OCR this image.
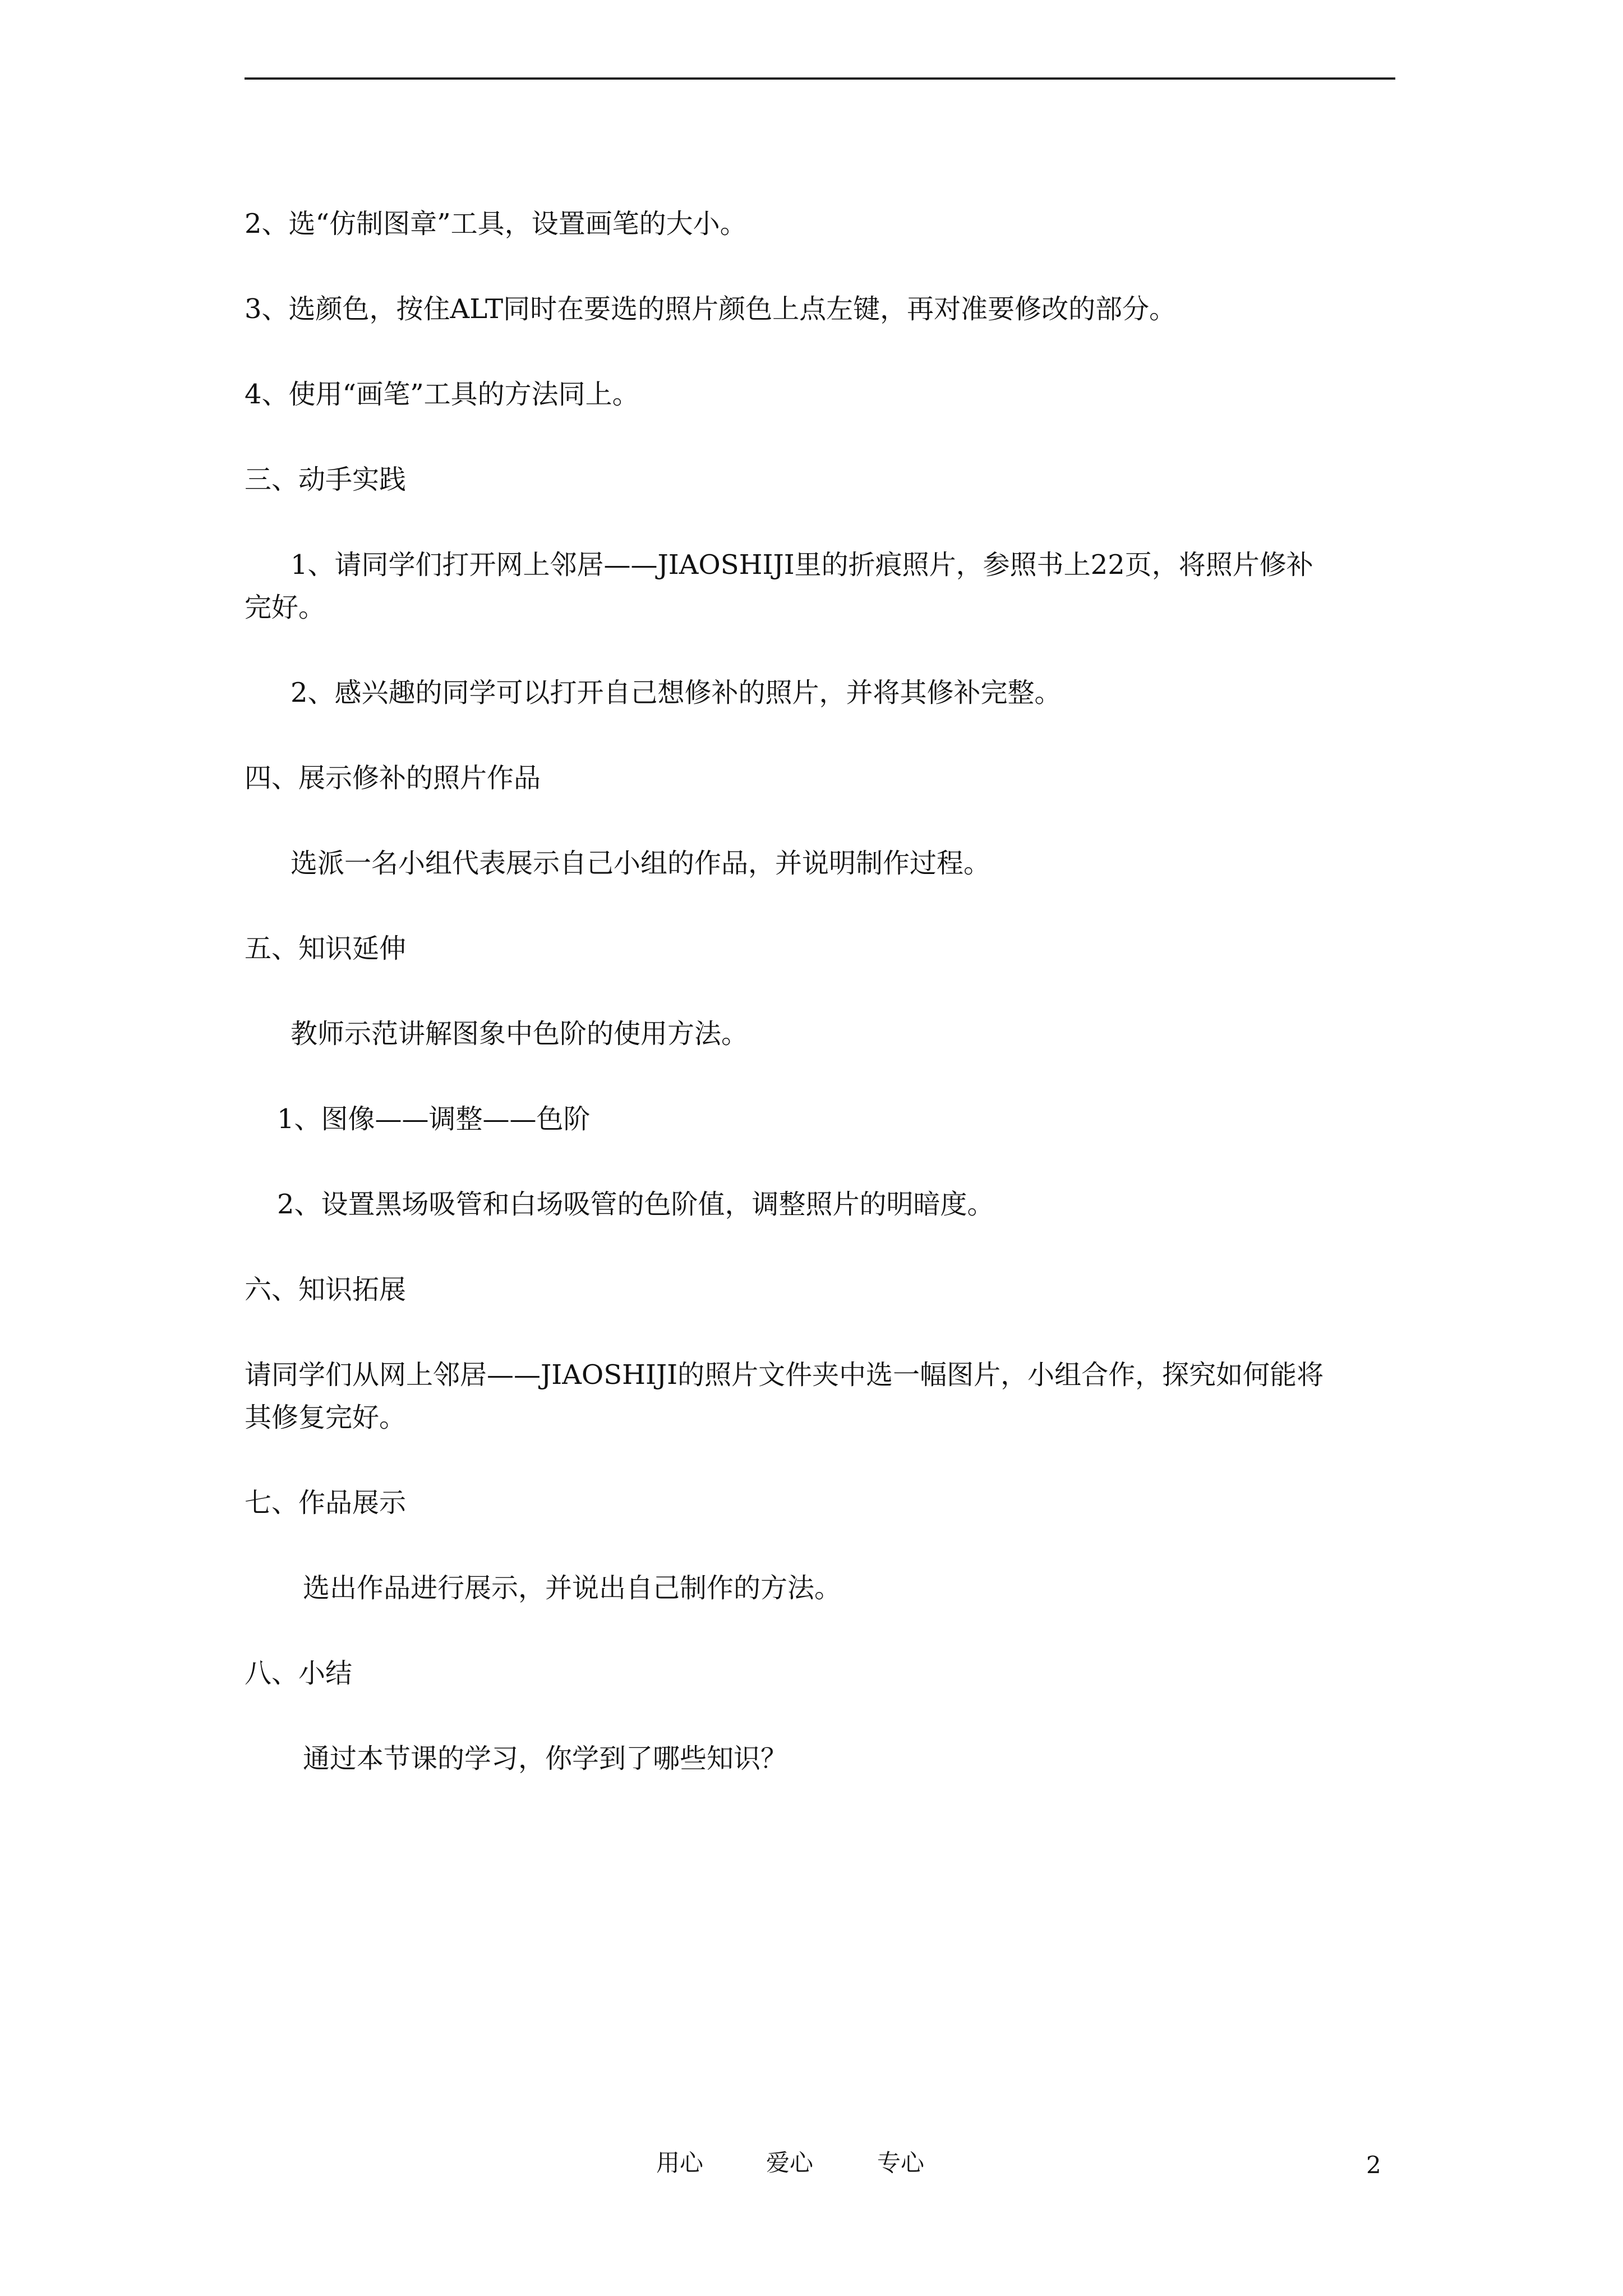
2、选“仿制图章”工具，设置画笔的大小。
3、选颜色，按住ALT同时在要选的照片颜色上点左键，再对准要修改的部分。
4、使用“画笔”工具的方法同上。
三、动手实践
1、请同学们打开网上邻居——JIAOSHIJI里的折痕照片，参照书上22页，将照片修补
完好。
2、感兴趣的同学可以打开自己想修补的照片，并将其修补完整。
四、展示修补的照片作品
选派一名小组代表展示自己小组的作品，并说明制作过程。
五、知识延伸
教师示范讲解图象中色阶的使用方法。
1、图像——调整——色阶
2、设置黑场吸管和白场吸管的色阶值，调整照片的明暗度。
六、知识拓展
请同学们从网上邻居——JIAOSHIJI的照片文件夹中选一幅图片，小组合作，探究如何能将
其修复完好。
七、作品展示
选出作品进行展示，并说出自己制作的方法。
八、小结
通过本节课的学习，你学到了哪些知识？
用心	爱心	专心	2
